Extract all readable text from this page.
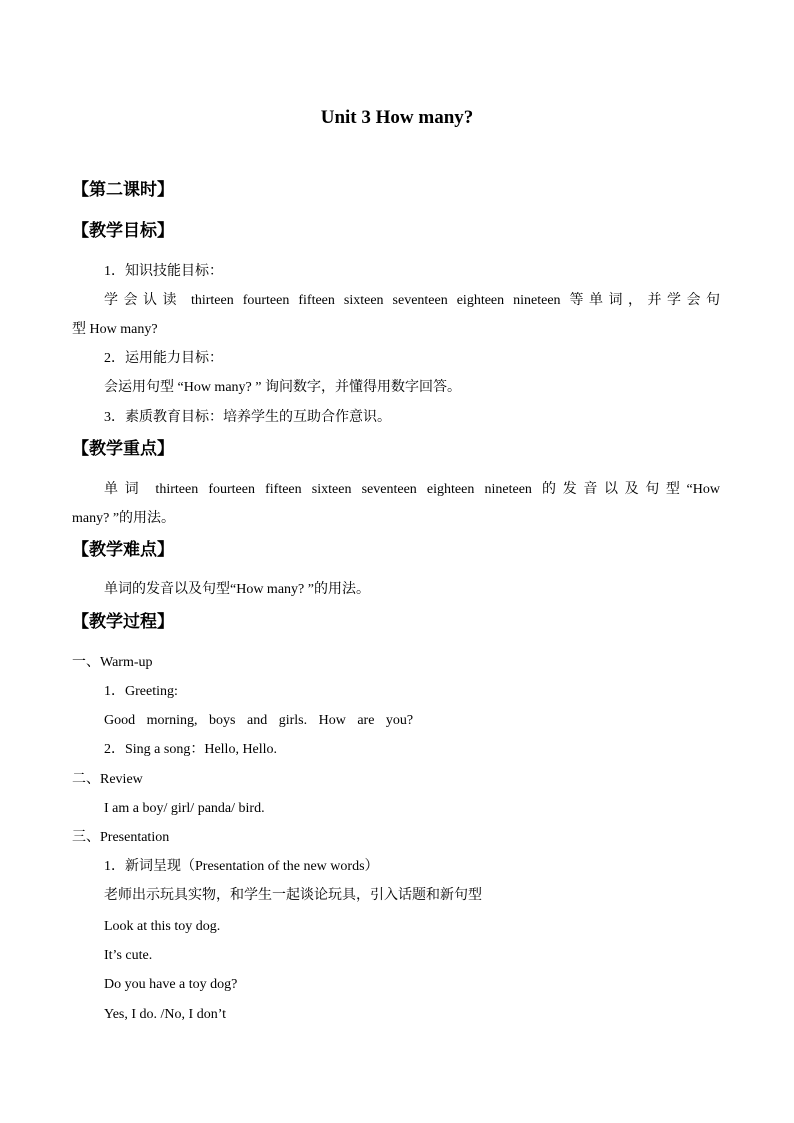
Unit 3 How many?
【第二课时】
【教学目标】
1．知识技能目标：
学会认读 thirteen fourteen fifteen sixteen seventeen eighteen nineteen 等单词，并学会句
型 How many?
2．运用能力目标：
会运用句型 “How many? ” 询问数字，并懂得用数字回答。
3．素质教育目标：培养学生的互助合作意识。
【教学重点】
单词 thirteen fourteen fifteen sixteen seventeen eighteen nineteen 的发音以及句型“How
many? ”的用法。
【教学难点】
单词的发音以及句型“How many? ”的用法。
【教学过程】
一、Warm-up
1．Greeting:
Good morning, boys and girls. How are you?
2．Sing a song：Hello, Hello.
二、Review
I am a boy/ girl/ panda/ bird.
三、Presentation
1．新词呈现（Presentation of the new words）
老师出示玩具实物，和学生一起谈论玩具，引入话题和新句型
Look at this toy dog.
It’s cute.
Do you have a toy dog?
Yes, I do. /No, I don’t
